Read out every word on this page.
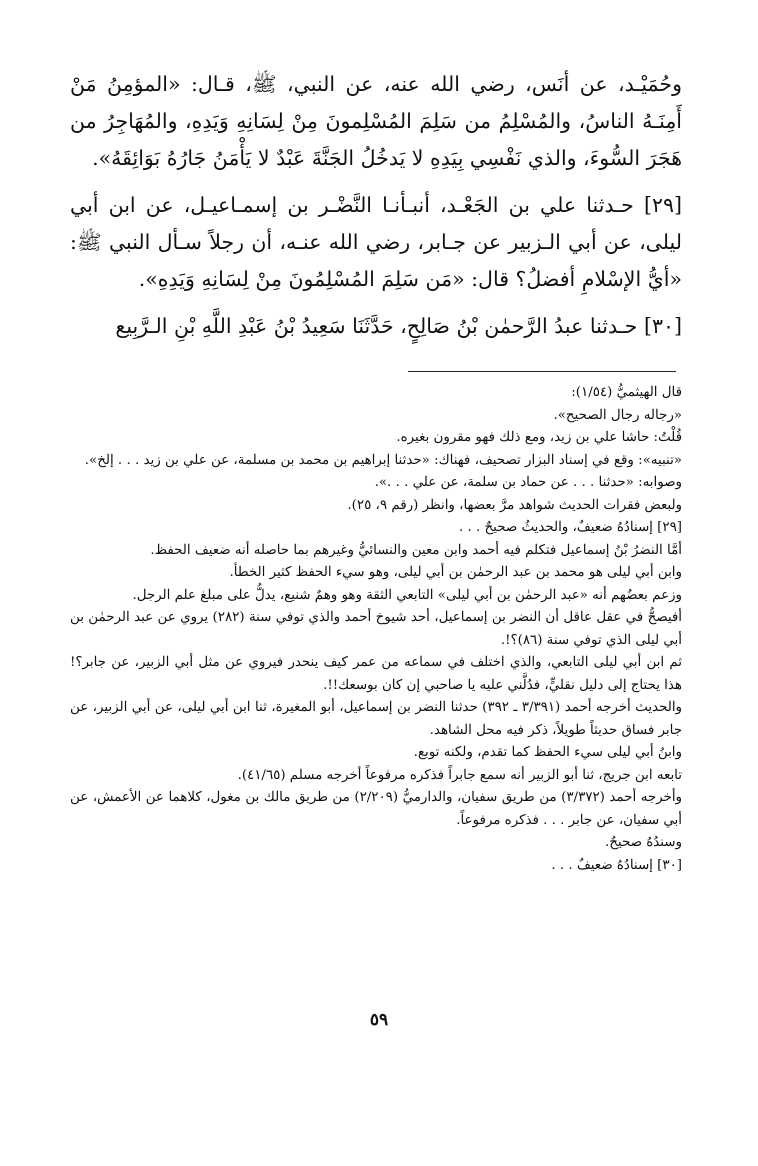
وحُمَيْـد، عن أنَس، رضي الله عنه، عن النبي، ﷺ، قـال: «المؤمِنُ مَنْ أَمِنَـهُ الناسُ، والمُسْلِمُ من سَلِمَ المُسْلِمونَ مِنْ لِسَانِهِ وَيَدِهِ، والمُهَاجِرُ من هَجَرَ السُّوءَ، والذي نَفْسِي بِيَدِهِ لا يَدخُلُ الجَنَّةَ عَبْدٌ لا يَأْمَنُ جَارُهُ بَوَائِقَهُ».

[٢٩] حـدثنا علي بن الجَعْـد، أنبـأنـا النَّضْـر بن إسمـاعيـل، عن ابن أبي ليلى، عن أبي الـزبير عن جـابر، رضي الله عنـه، أن رجلاً سـأل النبي ﷺ: «أيُّ الإسْلامِ أفضلُ؟ قال: «مَن سَلِمَ المُسْلِمُونَ مِنْ لِسَانِهِ وَيَدِهِ».

[٣٠] حـدثنا عبدُ الرَّحمٰن بْنُ صَالِحٍ، حَدَّثَنَا سَعِيدُ بْنُ عَبْدِ اللَّهِ بْنِ الـرَّبِيع

قال الهيثميُّ (١/٥٤):

«رجاله رجال الصحيح».

قُلْتُ: حاشا علي بن زيد، ومع ذلك فهو مقرون بغيره.

«تنبيه»: وقع في إسناد البزار تصحيف، فهناك: «حدثنا إبراهيم بن محمد بن مسلمة، عن علي بن زيد . . . إلخ».

وصوابه: «حدثنا . . . عن حماد بن سلمة، عن علي . . .».

ولبعض فقرات الحديث شواهد مرَّ بعضها، وانظر (رقم ٩، ٢٥).

[٢٩] إسنادُهُ ضعيفٌ، والحديثُ صحيحٌ . . .

أمَّا النضرُ بْنُ إسماعيل فتكلم فيه أحمد وابن معين والنسائيُّ وغيرهم بما حاصله أنه ضعيف الحفظ.

وابن أبي ليلى هو محمد بن عبد الرحمٰن بن أبي ليلى، وهو سيء الحفظ كثير الخطأ.

وزعم بعضُهم أنه «عبد الرحمٰن بن أبي ليلى» التابعي الثقة وهو وهمٌ شنيع، يدلُّ على مبلغ علم الرجل.

أفيصحُّ في عقل عاقل أن النضر بن إسماعيل، أحد شيوخ أحمد والذي توفي سنة (٢٨٢) يروي عن عبد الرحمٰن بن أبي ليلى الذي توفي سنة (٨٦)؟!.

ثم ابن أبي ليلى التابعي، والذي اختلف في سماعه من عمر كيف ينحدر فيروي عن مثل أبي الزبير، عن جابر؟! هذا يحتاج إلى دليل نقليٍّ، فدُلَّني عليه يا صاحبي إن كان بوسعك!!.

والحديث أخرجه أحمد (٣/٣٩١ ـ ٣٩٢) حدثنا النضر بن إسماعيل، أبو المغيرة، ثنا ابن أبي ليلى، عن أبي الزبير، عن جابر فساق حديثاً طويلاً، ذكر فيه محل الشاهد.

وابنُ أبي ليلى سيء الحفظ كما تقدم، ولكنه توبع.

تابعه ابن جريج، ثنا أبو الزبير أنه سمع جابراً فذكره مرفوعاً أخرجه مسلم (٤١/٦٥).

وأخرجه أحمد (٣/٣٧٢) من طريق سفيان، والدارميُّ (٢/٢٠٩) من طريق مالك بن مغول، كلاهما عن الأعمش، عن أبي سفيان، عن جابر . . . فذكره مرفوعاً.

وسندُهُ صحيحٌ.

[٣٠] إسنادُهُ ضعيفٌ . . .

٥٩
